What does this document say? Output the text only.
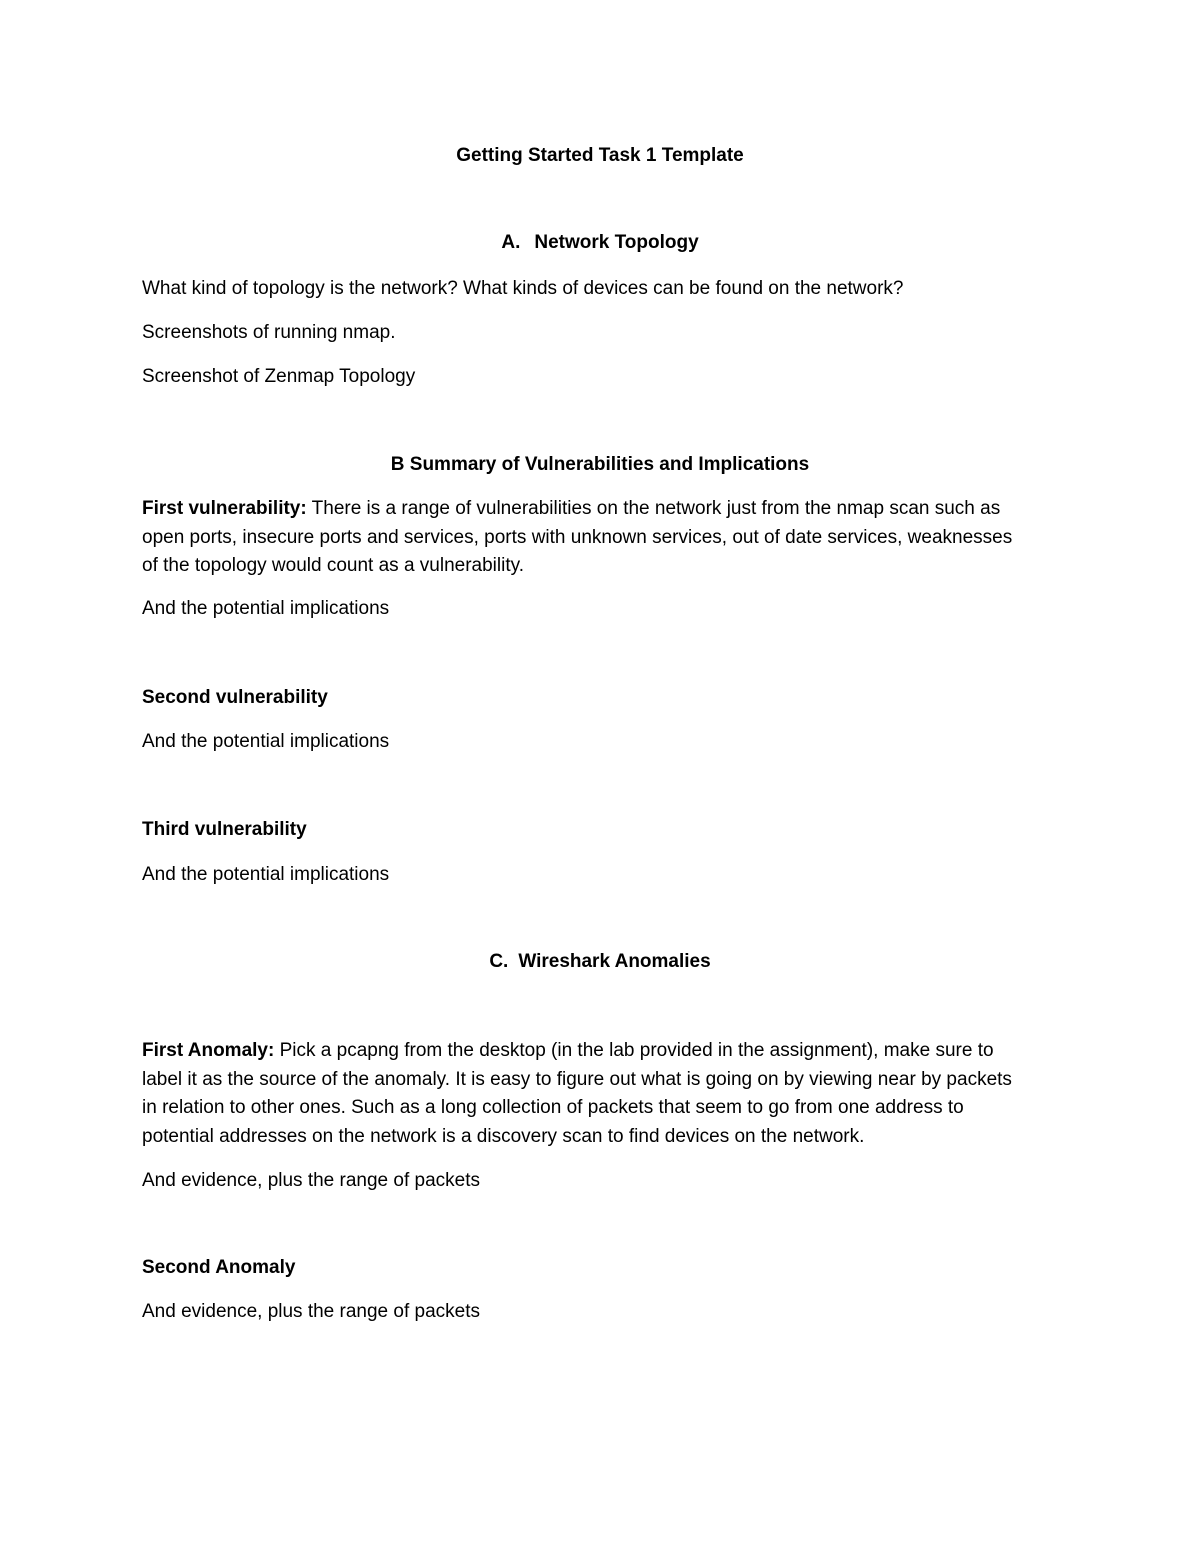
Getting Started Task 1 Template
A. Network Topology
What kind of topology is the network? What kinds of devices can be found on the network?
Screenshots of running nmap.
Screenshot of Zenmap Topology
B Summary of Vulnerabilities and Implications
First vulnerability: There is a range of vulnerabilities on the network just from the nmap scan such as
open ports, insecure ports and services, ports with unknown services, out of date services, weaknesses
of the topology would count as a vulnerability.
And the potential implications
Second vulnerability
And the potential implications
Third vulnerability
And the potential implications
C. Wireshark Anomalies
First Anomaly: Pick a pcapng from the desktop (in the lab provided in the assignment), make sure to
label it as the source of the anomaly. It is easy to figure out what is going on by viewing near by packets
in relation to other ones. Such as a long collection of packets that seem to go from one address to
potential addresses on the network is a discovery scan to find devices on the network.
And evidence, plus the range of packets
Second Anomaly
And evidence, plus the range of packets
